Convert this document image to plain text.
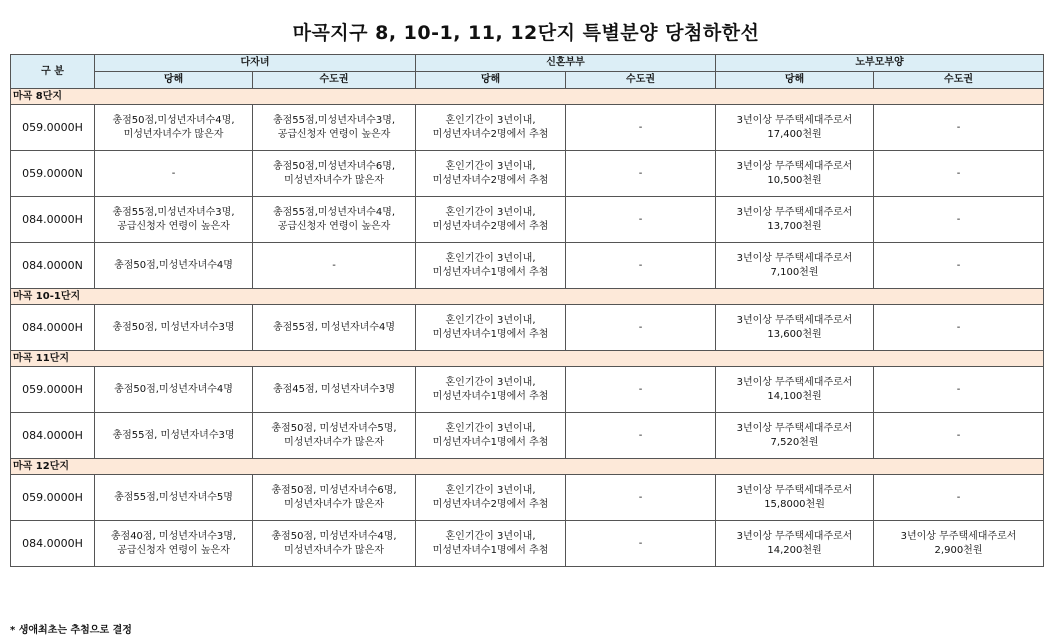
마곡지구 8, 10-1, 11, 12단지 특별분양 당첨하한선
구 분	다자녀		신혼부부		노부모부양	
	당해	수도권	당해	수도권	당해	수도권
마곡 8단지						
059.0000H	총점50점,미성년자녀수4명,
미성년자녀수가 많은자	총점55점,미성년자녀수3명,
공급신청자 연령이 높은자	혼인기간이 3년이내,
미성년자녀수2명에서 추첨	-	3년이상 무주택세대주로서
17,400천원	-
059.0000N	-	총점50점,미성년자녀수6명,
미성년자녀수가 많은자	혼인기간이 3년이내,
미성년자녀수2명에서 추첨	-	3년이상 무주택세대주로서
10,500천원	-
084.0000H	총점55점,미성년자녀수3명,
공급신청자 연령이 높은자	총점55점,미성년자녀수4명,
공급신청자 연령이 높은자	혼인기간이 3년이내,
미성년자녀수2명에서 추첨	-	3년이상 무주택세대주로서
13,700천원	-
084.0000N	총점50점,미성년자녀수4명	-	혼인기간이 3년이내,
미성년자녀수1명에서 추첨	-	3년이상 무주택세대주로서
7,100천원	-
마곡 10-1단지						
084.0000H	총점50점, 미성년자녀수3명	총점55점, 미성년자녀수4명	혼인기간이 3년이내,
미성년자녀수1명에서 추첨	-	3년이상 무주택세대주로서
13,600천원	-
마곡 11단지						
059.0000H	총점50점,미성년자녀수4명	총점45점, 미성년자녀수3명	혼인기간이 3년이내,
미성년자녀수1명에서 추첨	-	3년이상 무주택세대주로서
14,100천원	-
084.0000H	총점55점, 미성년자녀수3명	총점50점, 미성년자녀수5명,
미성년자녀수가 많은자	혼인기간이 3년이내,
미성년자녀수1명에서 추첨	-	3년이상 무주택세대주로서
7,520천원	-
마곡 12단지						
059.0000H	총점55점,미성년자녀수5명	총점50점, 미성년자녀수6명,
미성년자녀수가 많은자	혼인기간이 3년이내,
미성년자녀수2명에서 추첨	-	3년이상 무주택세대주로서
15,8000천원	-
084.0000H	총점40점, 미성년자녀수3명,
공급신청자 연령이 높은자	총점50점, 미성년자녀수4명,
미성년자녀수가 많은자	혼인기간이 3년이내,
미성년자녀수1명에서 추첨	-	3년이상 무주택세대주로서
14,200천원	3년이상 무주택세대주로서
2,900천원
* 생애최초는 추첨으로 결정
